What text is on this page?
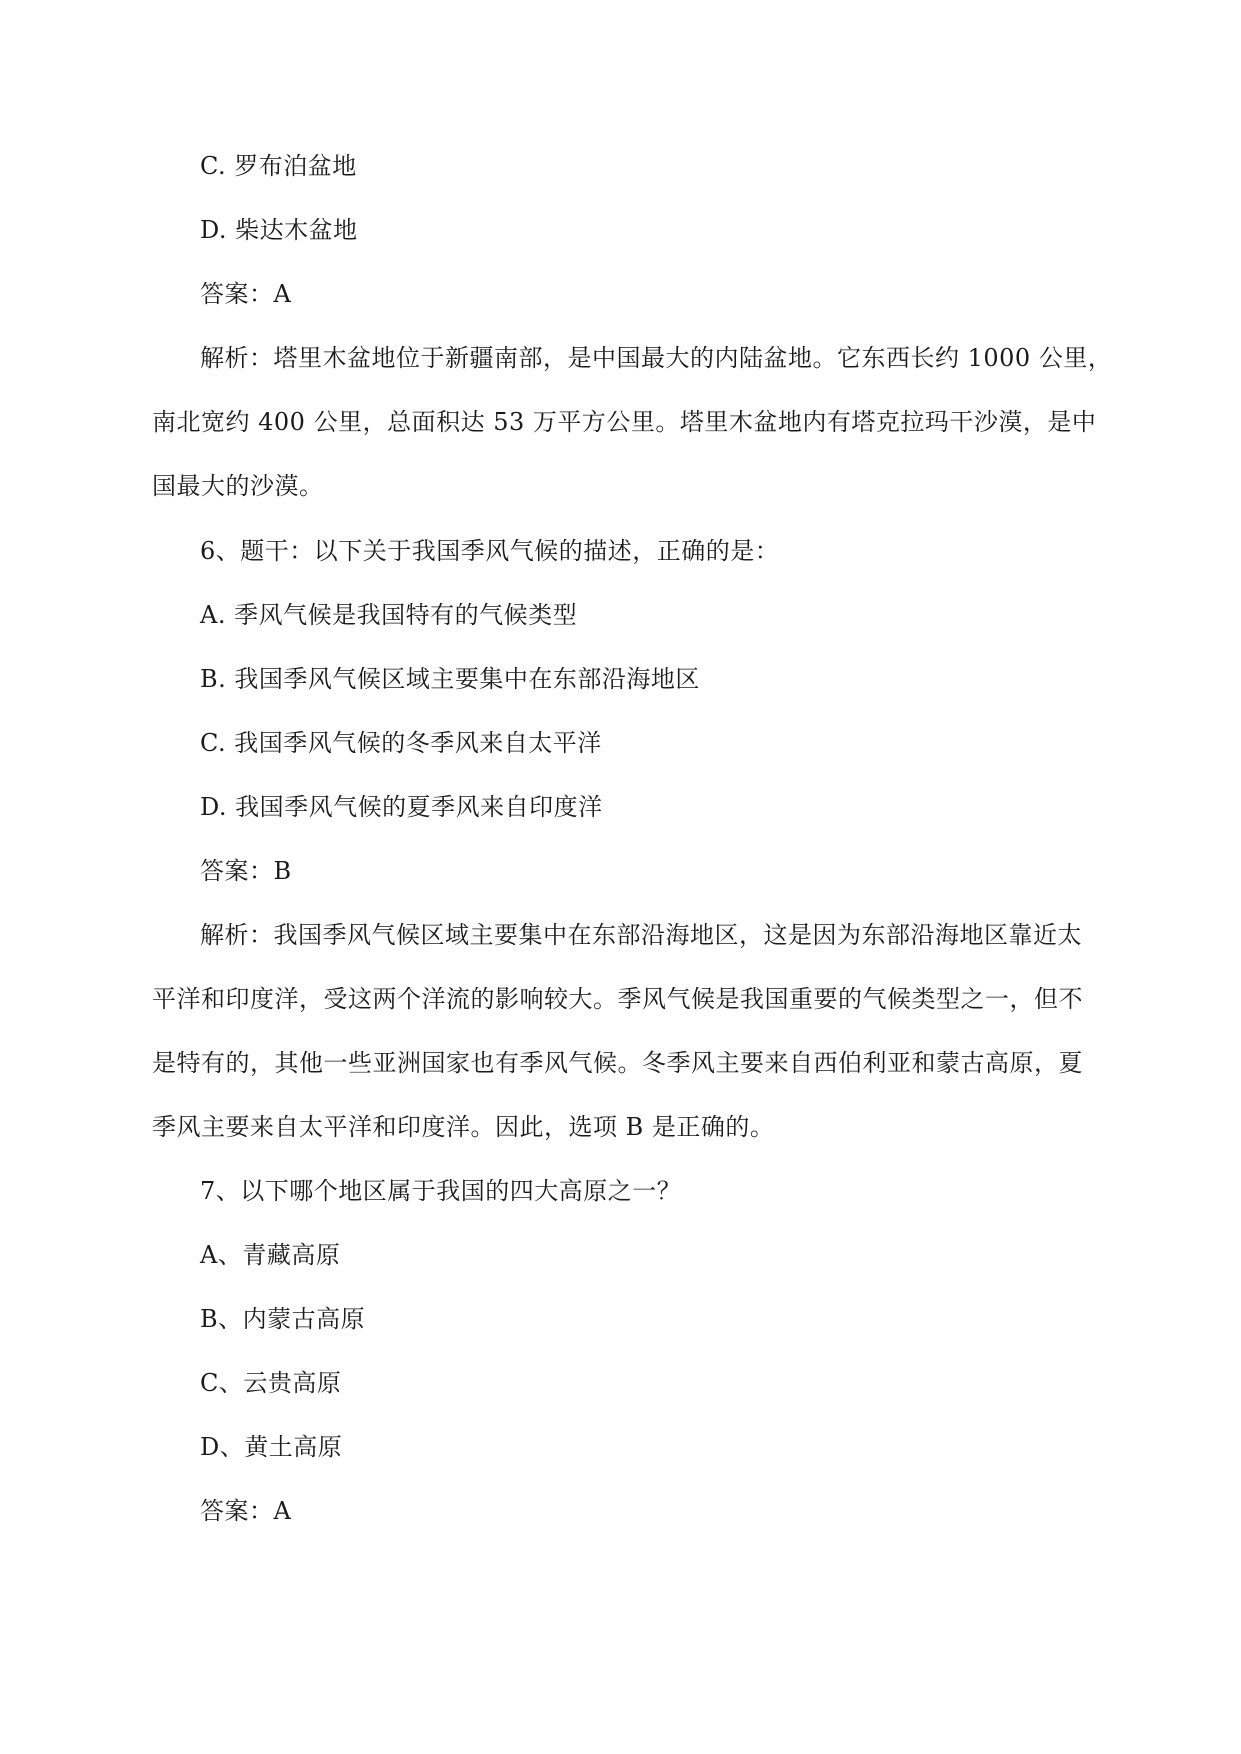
C. 罗布泊盆地
D. 柴达木盆地
答案：A
解析：塔里木盆地位于新疆南部，是中国最大的内陆盆地。它东西长约 1000 公里，
南北宽约 400 公里，总面积达 53 万平方公里。塔里木盆地内有塔克拉玛干沙漠，是中
国最大的沙漠。
6、题干：以下关于我国季风气候的描述，正确的是：
A. 季风气候是我国特有的气候类型
B. 我国季风气候区域主要集中在东部沿海地区
C. 我国季风气候的冬季风来自太平洋
D. 我国季风气候的夏季风来自印度洋
答案：B
解析：我国季风气候区域主要集中在东部沿海地区，这是因为东部沿海地区靠近太
平洋和印度洋，受这两个洋流的影响较大。季风气候是我国重要的气候类型之一，但不
是特有的，其他一些亚洲国家也有季风气候。冬季风主要来自西伯利亚和蒙古高原，夏
季风主要来自太平洋和印度洋。因此，选项 B 是正确的。
7、以下哪个地区属于我国的四大高原之一？
A、青藏高原
B、内蒙古高原
C、云贵高原
D、黄土高原
答案：A
